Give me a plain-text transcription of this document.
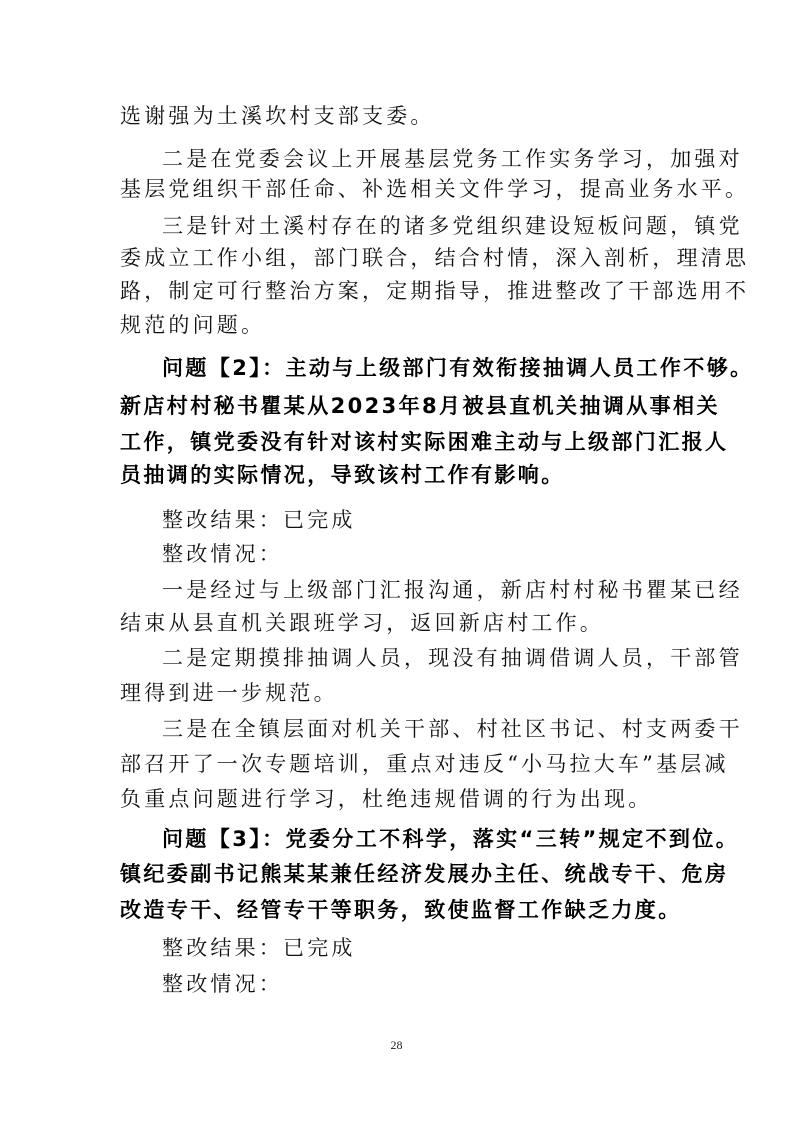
选谢强为土溪坎村支部支委。
二是在党委会议上开展基层党务工作实务学习，加强对
基层党组织干部任命、补选相关文件学习，提高业务水平。
三是针对土溪村存在的诸多党组织建设短板问题，镇党
委成立工作小组，部门联合，结合村情，深入剖析，理清思
路，制定可行整治方案，定期指导，推进整改了干部选用不
规范的问题。
问题【2】：主动与上级部门有效衔接抽调人员工作不够。
新店村村秘书瞿某从2023年8月被县直机关抽调从事相关
工作，镇党委没有针对该村实际困难主动与上级部门汇报人
员抽调的实际情况，导致该村工作有影响。
整改结果：已完成
整改情况：
一是经过与上级部门汇报沟通，新店村村秘书瞿某已经
结束从县直机关跟班学习，返回新店村工作。
二是定期摸排抽调人员，现没有抽调借调人员，干部管
理得到进一步规范。
三是在全镇层面对机关干部、村社区书记、村支两委干
部召开了一次专题培训，重点对违反“小马拉大车”基层减
负重点问题进行学习，杜绝违规借调的行为出现。
问题【3】：党委分工不科学，落实“三转”规定不到位。
镇纪委副书记熊某某兼任经济发展办主任、统战专干、危房
改造专干、经管专干等职务，致使监督工作缺乏力度。
整改结果：已完成
整改情况：
28
